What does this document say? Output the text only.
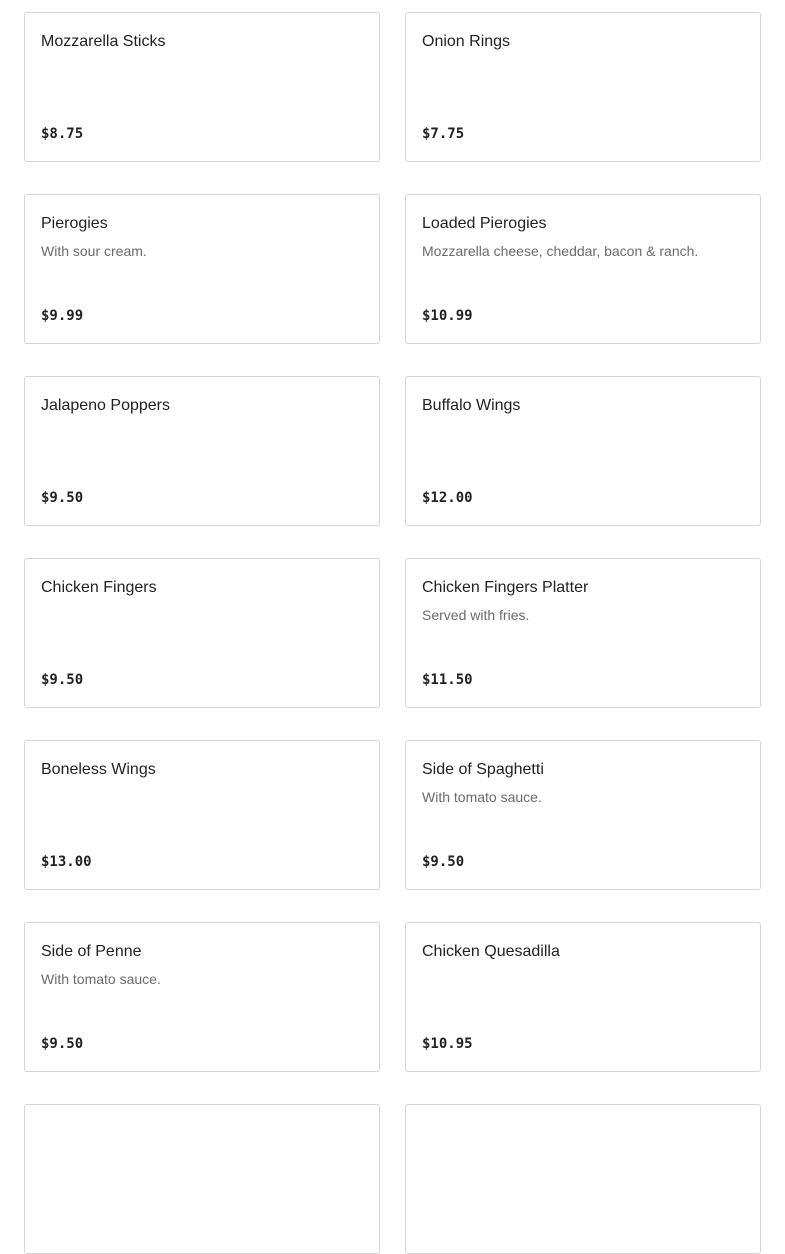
Mozzarella Sticks
$8.75
Onion Rings
$7.75
Pierogies
With sour cream.
$9.99
Loaded Pierogies
Mozzarella cheese, cheddar, bacon & ranch.
$10.99
Jalapeno Poppers
$9.50
Buffalo Wings
$12.00
Chicken Fingers
$9.50
Chicken Fingers Platter
Served with fries.
$11.50
Boneless Wings
$13.00
Side of Spaghetti
With tomato sauce.
$9.50
Side of Penne
With tomato sauce.
$9.50
Chicken Quesadilla
$10.95
